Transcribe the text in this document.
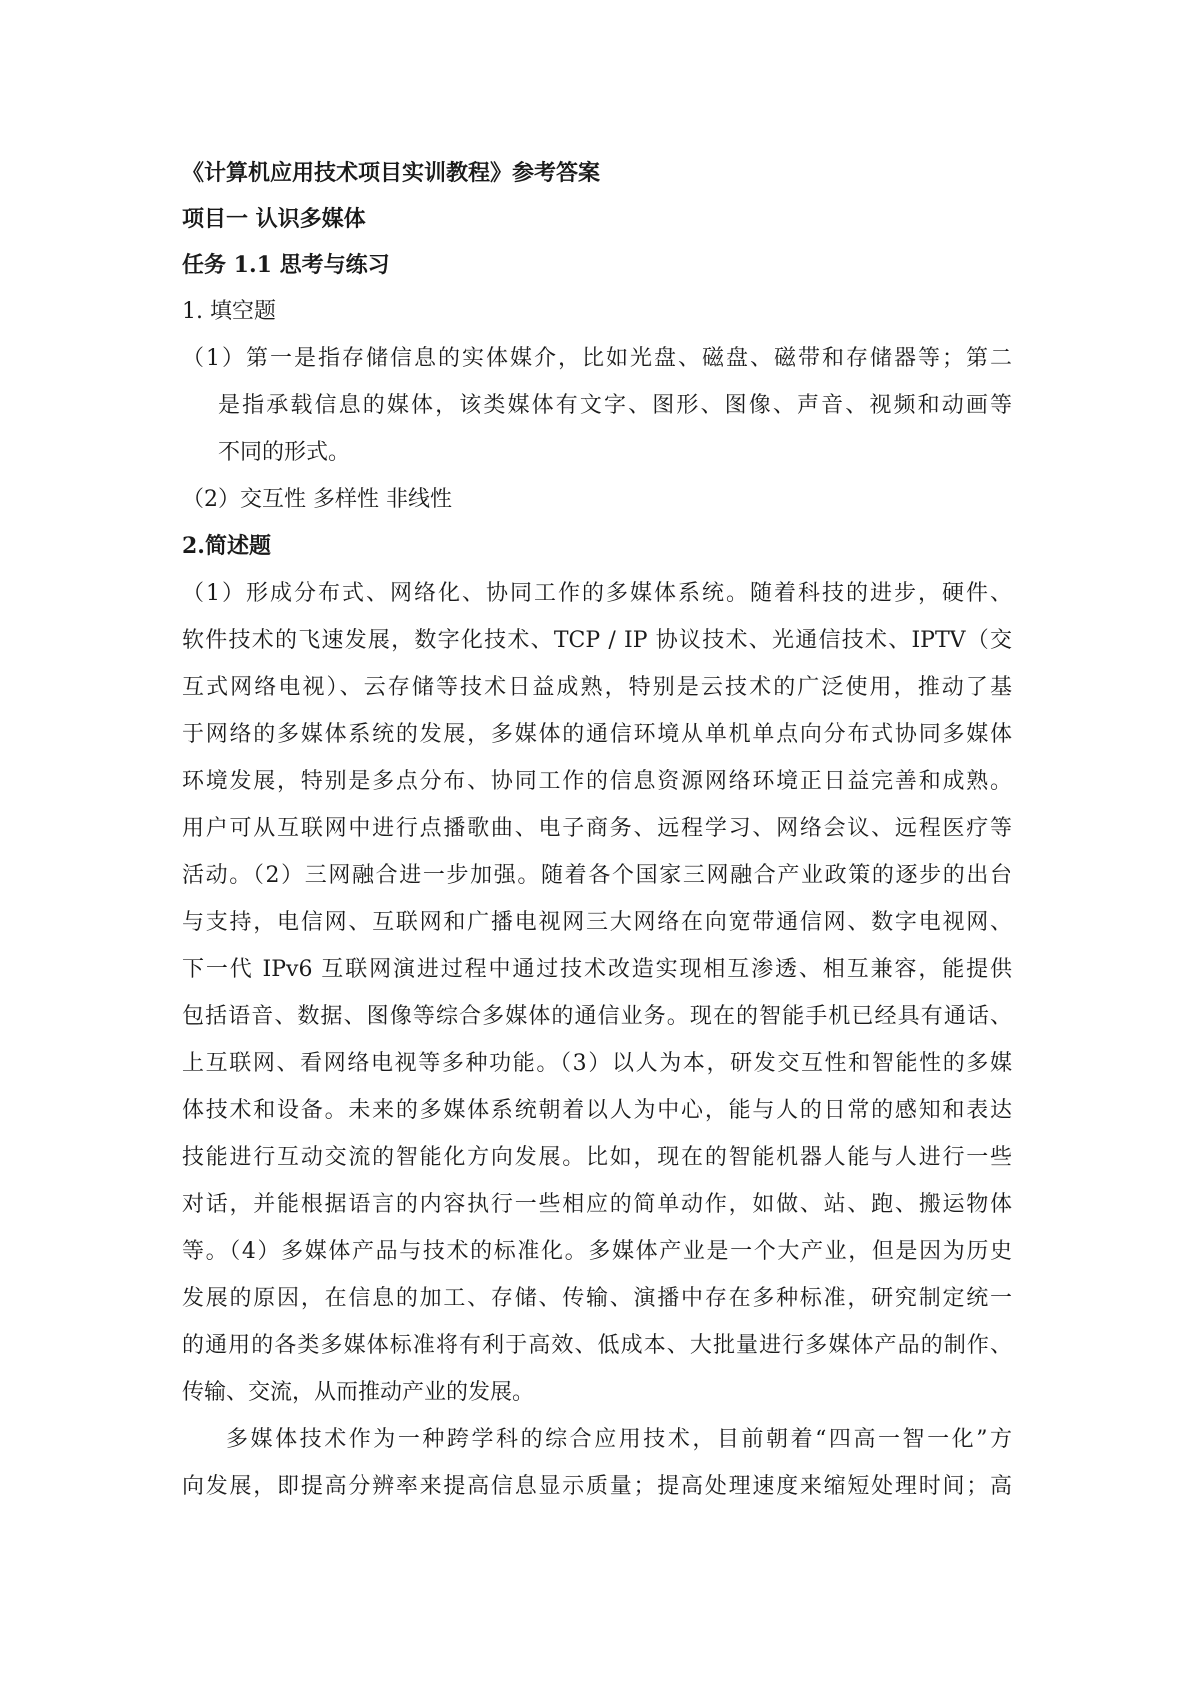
《计算机应用技术项目实训教程》参考答案
项目一 认识多媒体
任务 1.1 思考与练习
1. 填空题
（1）第一是指存储信息的实体媒介，比如光盘、磁盘、磁带和存储器等；第二
是指承载信息的媒体，该类媒体有文字、图形、图像、声音、视频和动画等
不同的形式。
（2）交互性 多样性 非线性
2.简述题
（1）形成分布式、网络化、协同工作的多媒体系统。随着科技的进步，硬件、
软件技术的飞速发展，数字化技术、TCP / IP 协议技术、光通信技术、IPTV（交
互式网络电视）、云存储等技术日益成熟，特别是云技术的广泛使用，推动了基
于网络的多媒体系统的发展，多媒体的通信环境从单机单点向分布式协同多媒体
环境发展，特别是多点分布、协同工作的信息资源网络环境正日益完善和成熟。
用户可从互联网中进行点播歌曲、电子商务、远程学习、网络会议、远程医疗等
活动。（2）三网融合进一步加强。随着各个国家三网融合产业政策的逐步的出台
与支持，电信网、互联网和广播电视网三大网络在向宽带通信网、数字电视网、
下一代 IPv6 互联网演进过程中通过技术改造实现相互渗透、相互兼容，能提供
包括语音、数据、图像等综合多媒体的通信业务。现在的智能手机已经具有通话、
上互联网、看网络电视等多种功能。（3）以人为本，研发交互性和智能性的多媒
体技术和设备。未来的多媒体系统朝着以人为中心，能与人的日常的感知和表达
技能进行互动交流的智能化方向发展。比如，现在的智能机器人能与人进行一些
对话，并能根据语言的内容执行一些相应的简单动作，如做、站、跑、搬运物体
等。（4）多媒体产品与技术的标准化。多媒体产业是一个大产业，但是因为历史
发展的原因，在信息的加工、存储、传输、演播中存在多种标准，研究制定统一
的通用的各类多媒体标准将有利于高效、低成本、大批量进行多媒体产品的制作、
传输、交流，从而推动产业的发展。
多媒体技术作为一种跨学科的综合应用技术，目前朝着“四高一智一化”方
向发展，即提高分辨率来提高信息显示质量；提高处理速度来缩短处理时间；高
